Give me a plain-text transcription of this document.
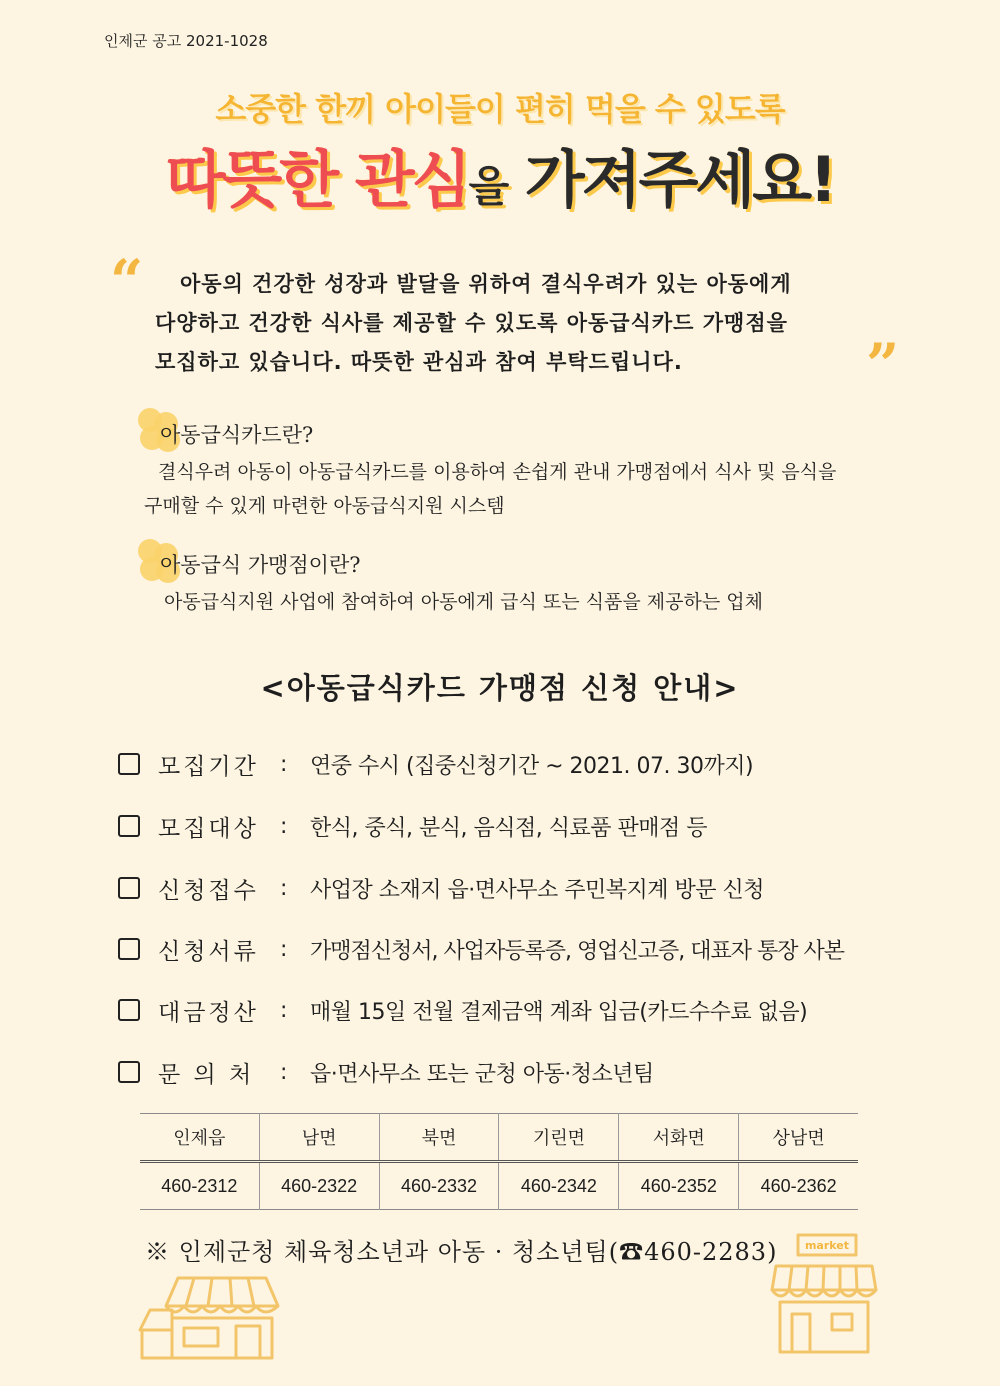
인제군 공고 2021-1028
소중한 한끼 아이들이 편히 먹을 수 있도록
따뜻한 관심을 가져주세요!
“
”
아동의 건강한 성장과 발달을 위하여 결식우려가 있는 아동에게
다양하고 건강한 식사를 제공할 수 있도록 아동급식카드 가맹점을
모집하고 있습니다. 따뜻한 관심과 참여 부탁드립니다.
아동급식카드란?
결식우려 아동이 아동급식카드를 이용하여 손쉽게 관내 가맹점에서 식사 및 음식을
구매할 수 있게 마련한 아동급식지원 시스템
아동급식 가맹점이란?
아동급식지원 사업에 참여하여 아동에게 급식 또는 식품을 제공하는 업체
<아동급식카드 가맹점 신청 안내>
모집기간 :	연중 수시 (집중신청기간 ~ 2021. 07. 30까지)
모집대상 :	한식, 중식, 분식, 음식점, 식료품 판매점 등
신청접수 :	사업장 소재지 읍·면사무소 주민복지계 방문 신청
신청서류 :	가맹점신청서, 사업자등록증, 영업신고증, 대표자 통장 사본
대금정산 :	매월 15일 전월 결제금액 계좌 입금(카드수수료 없음)
문 의 처	:	읍·면사무소 또는 군청 아동·청소년팀
인제읍	남면	북면	기린면	서화면	상남면
460-2312	460-2322	460-2332	460-2342	460-2352	460-2362
※ 인제군청 체육청소년과 아동 · 청소년팀(☎460-2283)	market
